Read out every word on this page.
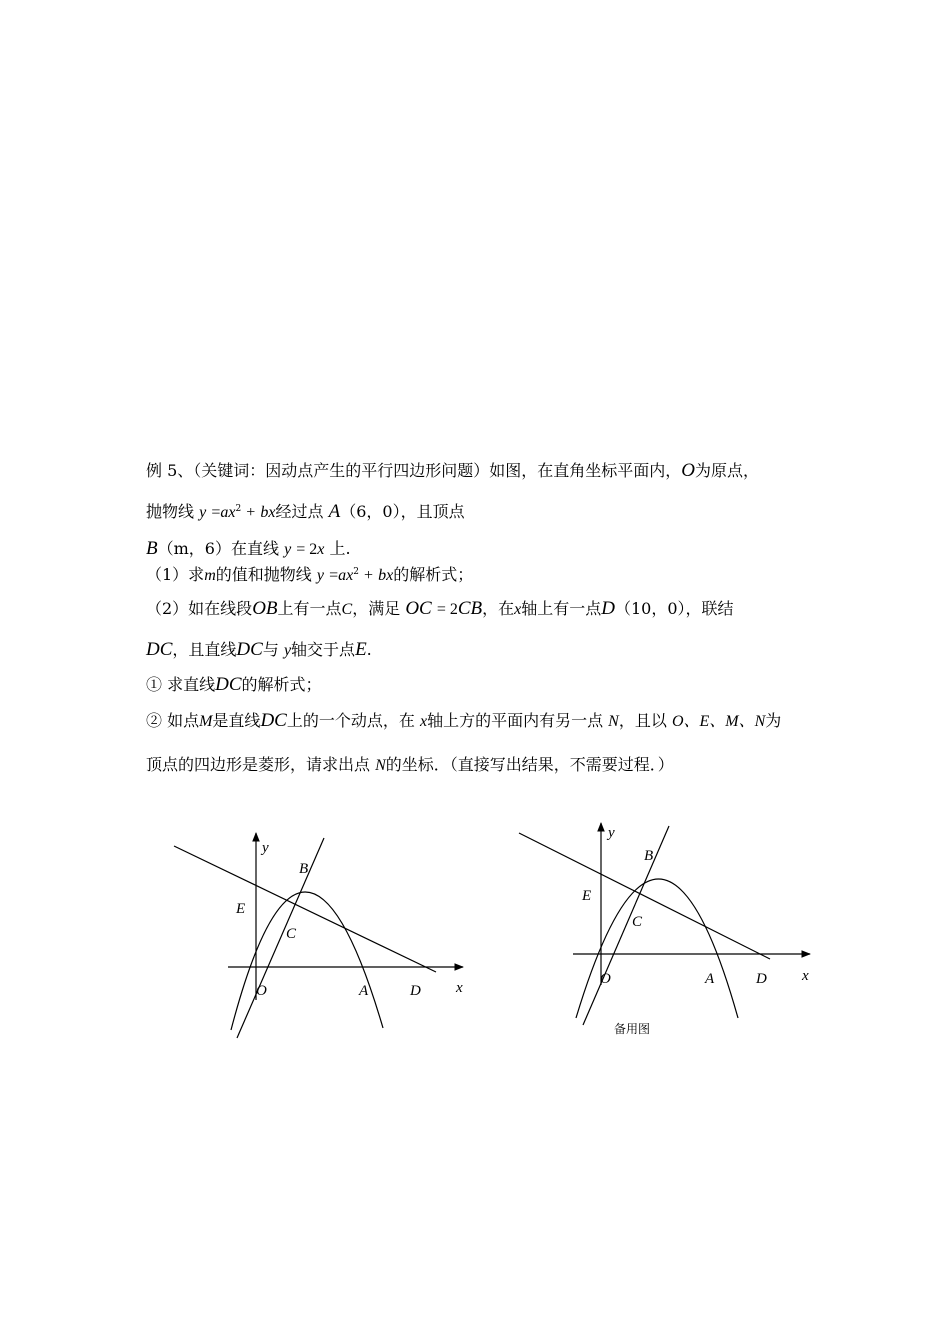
例 5、（关键词：因动点产生的平行四边形问题）如图，在直角坐标平面内，O为原点，
抛物线 $y =ax^2$ + bx经过点 A（6，0），且顶点
B（m，6）在直线 y = 2x 上.
（1）求m的值和抛物线 $y =ax^2$ + bx的解析式；
（2）如在线段OB上有一点C，满足 OC = 2CB，在x轴上有一点D（10，0），联结
DC，且直线DC与 y轴交于点E.
① 求直线DC的解析式；
② 如点M是直线DC上的一个动点，在 x轴上方的平面内有另一点 N，且以 O、E、M、N为
顶点的四边形是菱形，请求出点 N的坐标．（直接写出结果，不需要过程．）
y
B
E
C
O	A	D x
y
B
E
C
O	A	D x
备用图
